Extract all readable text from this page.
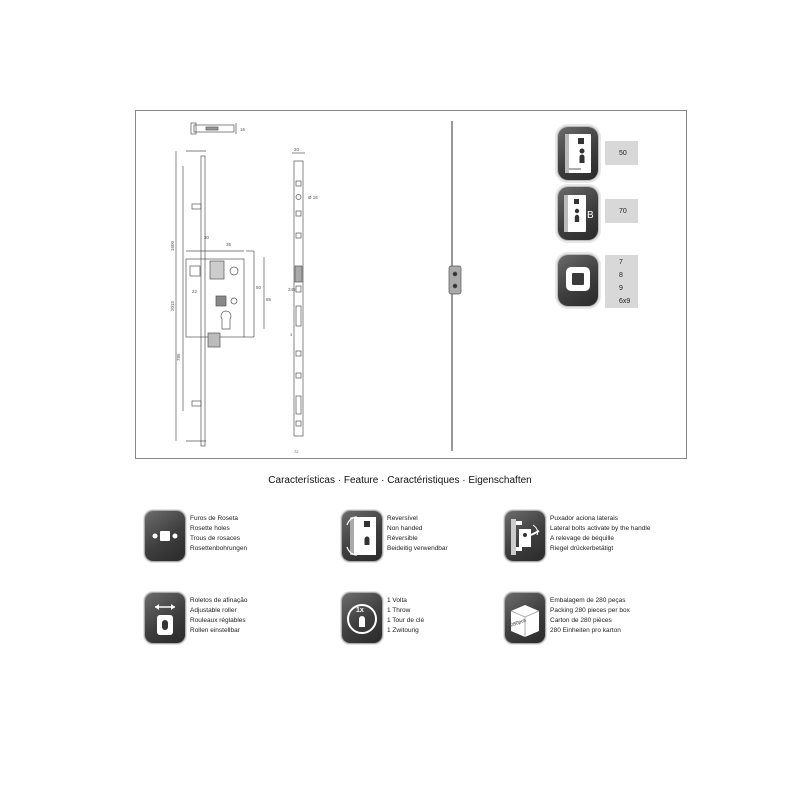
16
1600
2015
785
50
85
35
30
22
20
Ø 16
245
72
3
50
B	70
7
8
9
6x9
Características · Feature · Caractéristiques · Eigenschaften
Furos de Roseta
Rosette holes
Trous de rosaces
Rosettenbohrungen
Reversível
Non handed
Réversible
Beideitig verwendbar
Puxador aciona laterais
Lateral bolts activate by the handle
A relevage de béquille
Riegel drückerbetätigt
Roletos de afinação
Adjustable roller
Rouleaux réglables
Rollen einstellbar
1x
1 Volta
1 Throw
1 Tour de clé
1 Zwitourig
280pcs
Embalagem de 280 peças
Packing 280 pieces per box
Carton de 280 pièces
280 Einheiten pro karton
